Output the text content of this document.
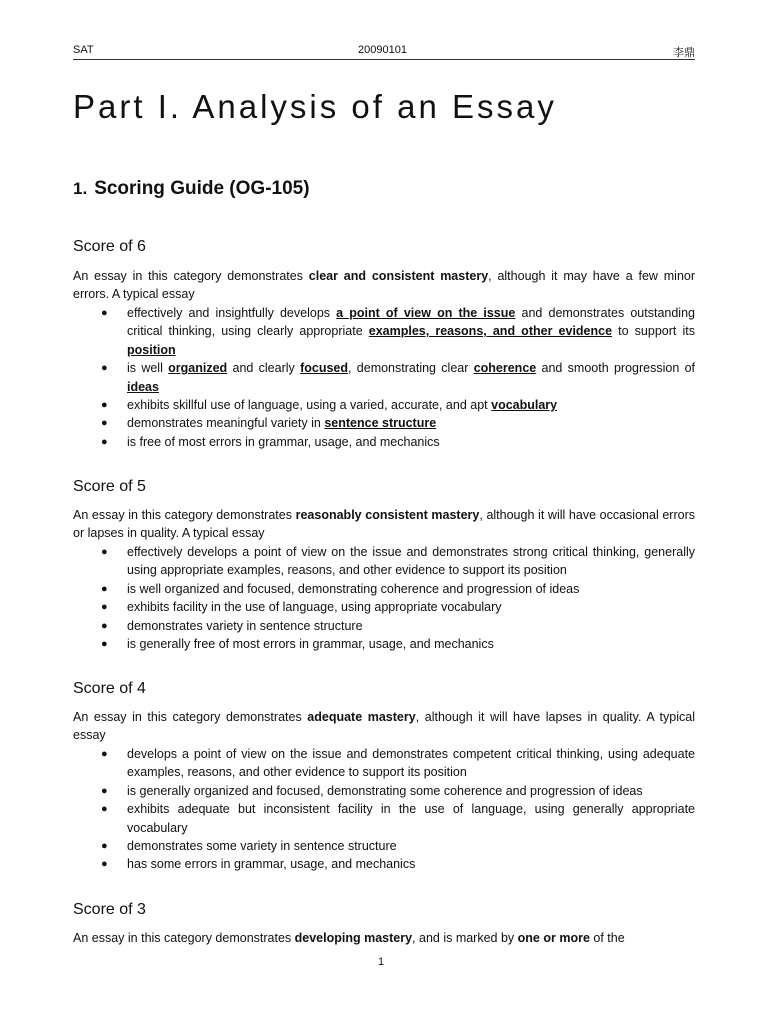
SAT	20090101	李鼎
Part I. Analysis of an Essay
1. Scoring Guide (OG-105)
Score of 6
An essay in this category demonstrates clear and consistent mastery, although it may have a few minor errors. A typical essay
● effectively and insightfully develops a point of view on the issue and demonstrates outstanding critical thinking, using clearly appropriate examples, reasons, and other evidence to support its position
● is well organized and clearly focused, demonstrating clear coherence and smooth progression of ideas
● exhibits skillful use of language, using a varied, accurate, and apt vocabulary
● demonstrates meaningful variety in sentence structure
● is free of most errors in grammar, usage, and mechanics
Score of 5
An essay in this category demonstrates reasonably consistent mastery, although it will have occasional errors or lapses in quality. A typical essay
● effectively develops a point of view on the issue and demonstrates strong critical thinking, generally using appropriate examples, reasons, and other evidence to support its position
● is well organized and focused, demonstrating coherence and progression of ideas
● exhibits facility in the use of language, using appropriate vocabulary
● demonstrates variety in sentence structure
● is generally free of most errors in grammar, usage, and mechanics
Score of 4
An essay in this category demonstrates adequate mastery, although it will have lapses in quality. A typical essay
● develops a point of view on the issue and demonstrates competent critical thinking, using adequate examples, reasons, and other evidence to support its position
● is generally organized and focused, demonstrating some coherence and progression of ideas
● exhibits adequate but inconsistent facility in the use of language, using generally appropriate vocabulary
● demonstrates some variety in sentence structure
● has some errors in grammar, usage, and mechanics
Score of 3
An essay in this category demonstrates developing mastery, and is marked by one or more of the
1
